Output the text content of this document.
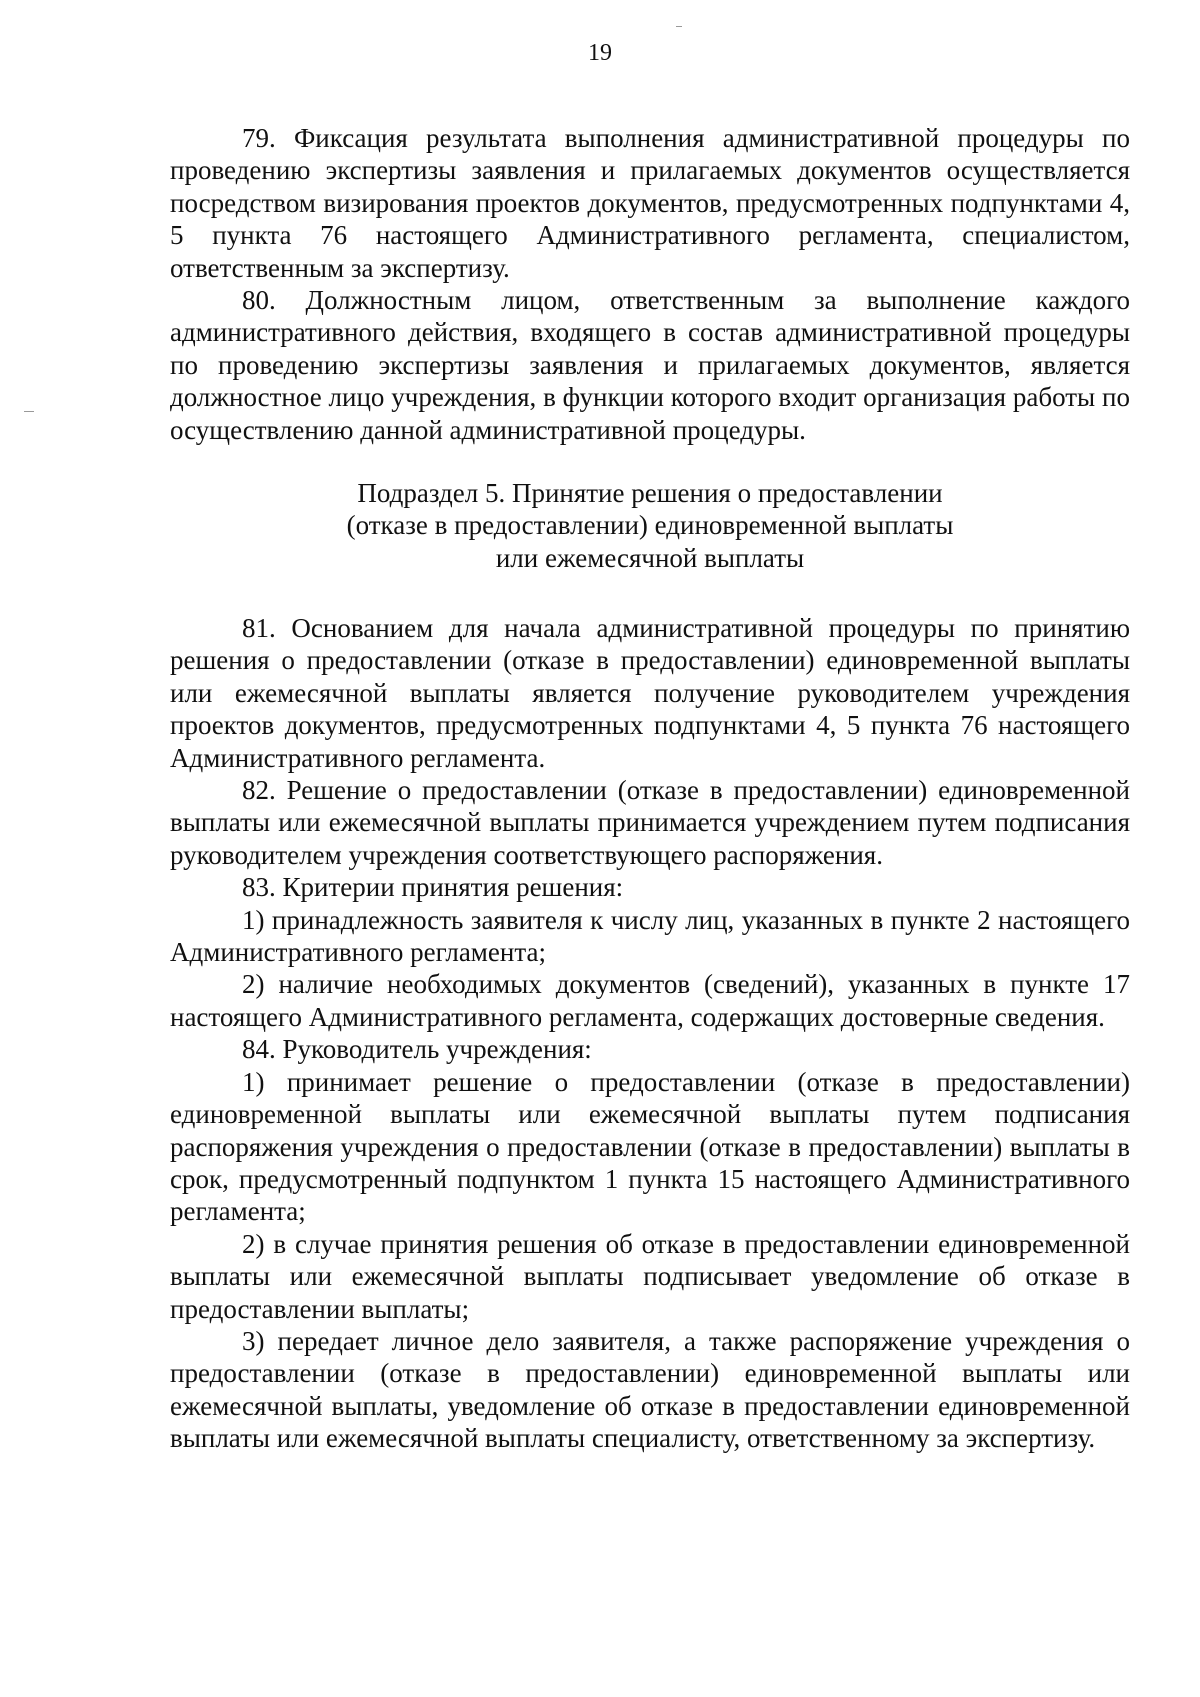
19

79. Фиксация результата выполнения административной процедуры по проведению экспертизы заявления и прилагаемых документов осуществляется посредством визирования проектов документов, предусмотренных подпунктами 4, 5 пункта 76 настоящего Административного регламента, специалистом, ответственным за экспертизу.

80. Должностным лицом, ответственным за выполнение каждого административного действия, входящего в состав административной процедуры по проведению экспертизы заявления и прилагаемых документов, является должностное лицо учреждения, в функции которого входит организация работы по осуществлению данной административной процедуры.

Подраздел 5. Принятие решения о предоставлении
(отказе в предоставлении) единовременной выплаты
или ежемесячной выплаты

81. Основанием для начала административной процедуры по принятию решения о предоставлении (отказе в предоставлении) единовременной выплаты или ежемесячной выплаты является получение руководителем учреждения проектов документов, предусмотренных подпунктами 4, 5 пункта 76 настоящего Административного регламента.

82. Решение о предоставлении (отказе в предоставлении) единовременной выплаты или ежемесячной выплаты принимается учреждением путем подписания руководителем учреждения соответствующего распоряжения.

83. Критерии принятия решения:

1) принадлежность заявителя к числу лиц, указанных в пункте 2 настоящего Административного регламента;

2) наличие необходимых документов (сведений), указанных в пункте 17 настоящего Административного регламента, содержащих достоверные сведения.

84. Руководитель учреждения:

1) принимает решение о предоставлении (отказе в предоставлении) единовременной выплаты или ежемесячной выплаты путем подписания распоряжения учреждения о предоставлении (отказе в предоставлении) выплаты в срок, предусмотренный подпунктом 1 пункта 15 настоящего Административного регламента;

2) в случае принятия решения об отказе в предоставлении единовременной выплаты или ежемесячной выплаты подписывает уведомление об отказе в предоставлении выплаты;

3) передает личное дело заявителя, а также распоряжение учреждения о предоставлении (отказе в предоставлении) единовременной выплаты или ежемесячной выплаты, уведомление об отказе в предоставлении единовременной выплаты или ежемесячной выплаты специалисту, ответственному за экспертизу.
